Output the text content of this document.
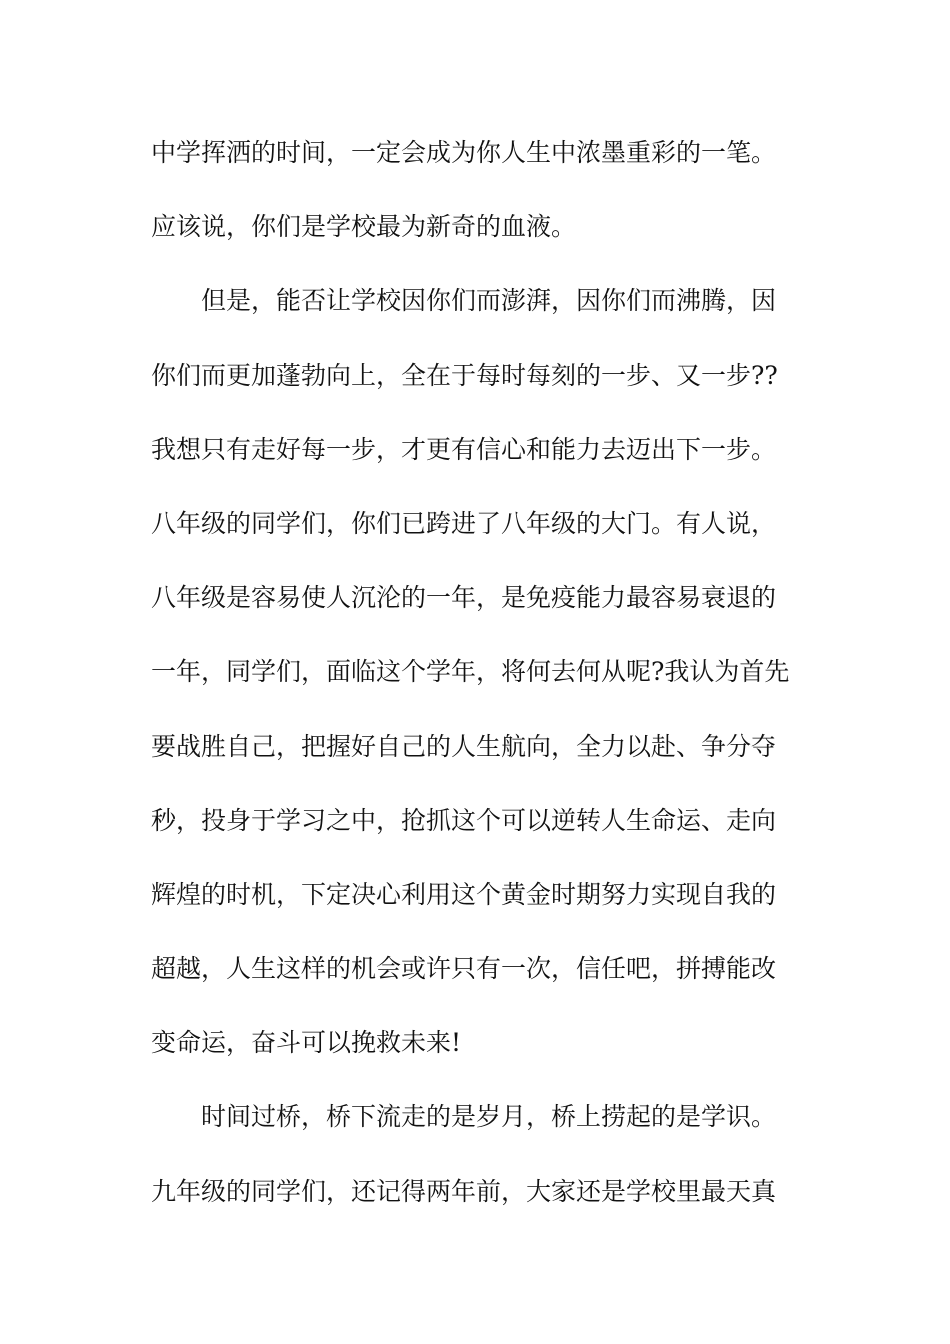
中学挥洒的时间，一定会成为你人生中浓墨重彩的一笔。
应该说，你们是学校最为新奇的血液。
但是，能否让学校因你们而澎湃，因你们而沸腾，因
你们而更加蓬勃向上，全在于每时每刻的一步、又一步??
我想只有走好每一步，才更有信心和能力去迈出下一步。
八年级的同学们，你们已跨进了八年级的大门。有人说，
八年级是容易使人沉沦的一年，是免疫能力最容易衰退的
一年，同学们，面临这个学年，将何去何从呢?我认为首先
要战胜自己，把握好自己的人生航向，全力以赴、争分夺
秒，投身于学习之中，抢抓这个可以逆转人生命运、走向
辉煌的时机，下定决心利用这个黄金时期努力实现自我的
超越，人生这样的机会或许只有一次，信任吧，拼搏能改
变命运，奋斗可以挽救未来!
时间过桥，桥下流走的是岁月，桥上捞起的是学识。
九年级的同学们，还记得两年前，大家还是学校里最天真
